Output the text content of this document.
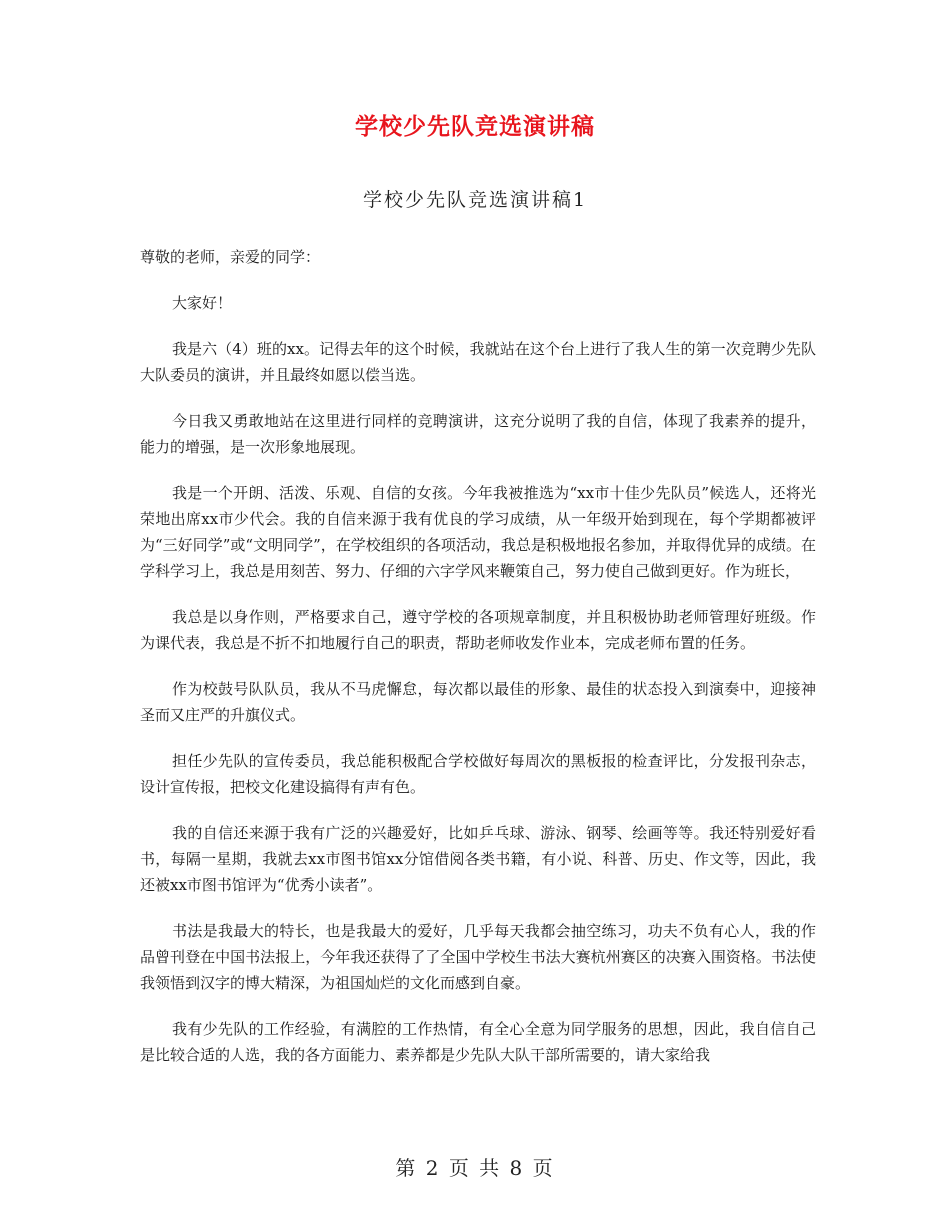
学校少先队竞选演讲稿
学校少先队竞选演讲稿1

尊敬的老师，亲爱的同学：

大家好！

我是六（4）班的xx。记得去年的这个时候，我就站在这个台上进行了我人生的第一次竞聘少先队大队委员的演讲，并且最终如愿以偿当选。

今日我又勇敢地站在这里进行同样的竞聘演讲，这充分说明了我的自信，体现了我素养的提升，能力的增强，是一次形象地展现。

我是一个开朗、活泼、乐观、自信的女孩。今年我被推选为“xx市十佳少先队员”候选人，还将光荣地出席xx市少代会。我的自信来源于我有优良的学习成绩，从一年级开始到现在，每个学期都被评为“三好同学”或“文明同学”，在学校组织的各项活动，我总是积极地报名参加，并取得优异的成绩。在学科学习上，我总是用刻苦、努力、仔细的六字学风来鞭策自己，努力使自己做到更好。作为班长，

我总是以身作则，严格要求自己，遵守学校的各项规章制度，并且积极协助老师管理好班级。作为课代表，我总是不折不扣地履行自己的职责，帮助老师收发作业本，完成老师布置的任务。

作为校鼓号队队员，我从不马虎懈怠，每次都以最佳的形象、最佳的状态投入到演奏中，迎接神圣而又庄严的升旗仪式。

担任少先队的宣传委员，我总能积极配合学校做好每周次的黑板报的检查评比，分发报刊杂志，设计宣传报，把校文化建设搞得有声有色。

我的自信还来源于我有广泛的兴趣爱好，比如乒乓球、游泳、钢琴、绘画等等。我还特别爱好看书，每隔一星期，我就去xx市图书馆xx分馆借阅各类书籍，有小说、科普、历史、作文等，因此，我还被xx市图书馆评为“优秀小读者”。

书法是我最大的特长，也是我最大的爱好，几乎每天我都会抽空练习，功夫不负有心人，我的作品曾刊登在中国书法报上，今年我还获得了了全国中学校生书法大赛杭州赛区的决赛入围资格。书法使我领悟到汉字的博大精深，为祖国灿烂的文化而感到自豪。

我有少先队的工作经验，有满腔的工作热情，有全心全意为同学服务的思想，因此，我自信自己是比较合适的人选，我的各方面能力、素养都是少先队大队干部所需要的，请大家给我

第 2 页 共 8 页
